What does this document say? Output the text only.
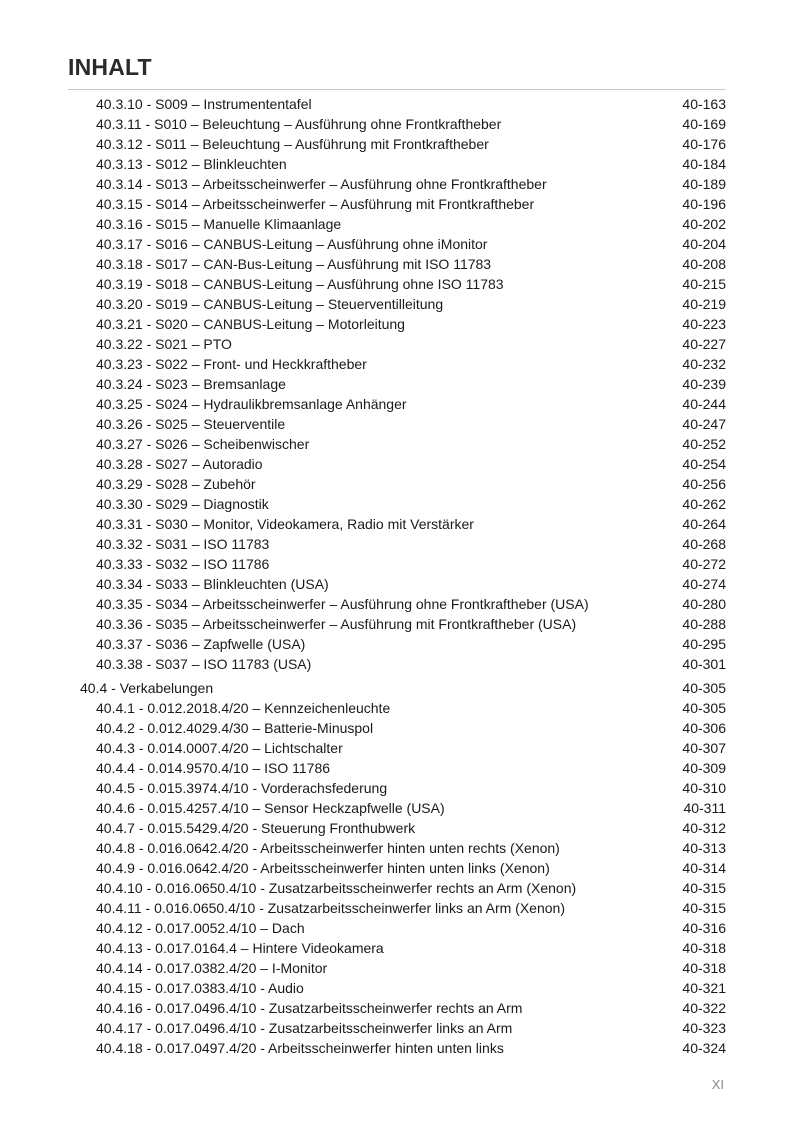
INHALT
40.3.10 - S009 – Instrumententafel	40-163
40.3.11 - S010 – Beleuchtung – Ausführung ohne Frontkraftheber	40-169
40.3.12 - S011 – Beleuchtung – Ausführung mit Frontkraftheber	40-176
40.3.13 - S012 – Blinkleuchten	40-184
40.3.14 - S013 – Arbeitsscheinwerfer – Ausführung ohne Frontkraftheber	40-189
40.3.15 - S014 – Arbeitsscheinwerfer – Ausführung mit Frontkraftheber	40-196
40.3.16 - S015 – Manuelle Klimaanlage	40-202
40.3.17 - S016 – CANBUS-Leitung – Ausführung ohne iMonitor	40-204
40.3.18 - S017 – CAN-Bus-Leitung – Ausführung mit ISO 11783	40-208
40.3.19 - S018 – CANBUS-Leitung – Ausführung ohne ISO 11783	40-215
40.3.20 - S019 – CANBUS-Leitung – Steuerventilleitung	40-219
40.3.21 - S020 – CANBUS-Leitung – Motorleitung	40-223
40.3.22 - S021 – PTO	40-227
40.3.23 - S022 – Front- und Heckkraftheber	40-232
40.3.24 - S023 – Bremsanlage	40-239
40.3.25 - S024 – Hydraulikbremsanlage Anhänger	40-244
40.3.26 - S025 – Steuerventile	40-247
40.3.27 - S026 – Scheibenwischer	40-252
40.3.28 - S027 – Autoradio	40-254
40.3.29 - S028 – Zubehör	40-256
40.3.30 - S029 – Diagnostik	40-262
40.3.31 - S030 – Monitor, Videokamera, Radio mit Verstärker	40-264
40.3.32 - S031 – ISO 11783	40-268
40.3.33 - S032 – ISO 11786	40-272
40.3.34 - S033 – Blinkleuchten (USA)	40-274
40.3.35 - S034 – Arbeitsscheinwerfer – Ausführung ohne Frontkraftheber (USA)	40-280
40.3.36 - S035 – Arbeitsscheinwerfer – Ausführung mit Frontkraftheber (USA)	40-288
40.3.37 - S036 – Zapfwelle (USA)	40-295
40.3.38 - S037 – ISO 11783 (USA)	40-301
40.4 - Verkabelungen	40-305
40.4.1 - 0.012.2018.4/20 – Kennzeichenleuchte	40-305
40.4.2 - 0.012.4029.4/30 – Batterie-Minuspol	40-306
40.4.3 - 0.014.0007.4/20 – Lichtschalter	40-307
40.4.4 - 0.014.9570.4/10 – ISO 11786	40-309
40.4.5 - 0.015.3974.4/10 - Vorderachsfederung	40-310
40.4.6 - 0.015.4257.4/10 – Sensor Heckzapfwelle (USA)	40-311
40.4.7 - 0.015.5429.4/20 - Steuerung Fronthubwerk	40-312
40.4.8 - 0.016.0642.4/20 - Arbeitsscheinwerfer hinten unten rechts (Xenon)	40-313
40.4.9 - 0.016.0642.4/20 - Arbeitsscheinwerfer hinten unten links (Xenon)	40-314
40.4.10 - 0.016.0650.4/10 - Zusatzarbeitsscheinwerfer rechts an Arm (Xenon)	40-315
40.4.11 - 0.016.0650.4/10 - Zusatzarbeitsscheinwerfer links an Arm (Xenon)	40-315
40.4.12 - 0.017.0052.4/10 – Dach	40-316
40.4.13 - 0.017.0164.4 – Hintere Videokamera	40-318
40.4.14 - 0.017.0382.4/20 – I-Monitor	40-318
40.4.15 - 0.017.0383.4/10 - Audio	40-321
40.4.16 - 0.017.0496.4/10 - Zusatzarbeitsscheinwerfer rechts an Arm	40-322
40.4.17 - 0.017.0496.4/10 - Zusatzarbeitsscheinwerfer links an Arm	40-323
40.4.18 - 0.017.0497.4/20 - Arbeitsscheinwerfer hinten unten links	40-324
XI
